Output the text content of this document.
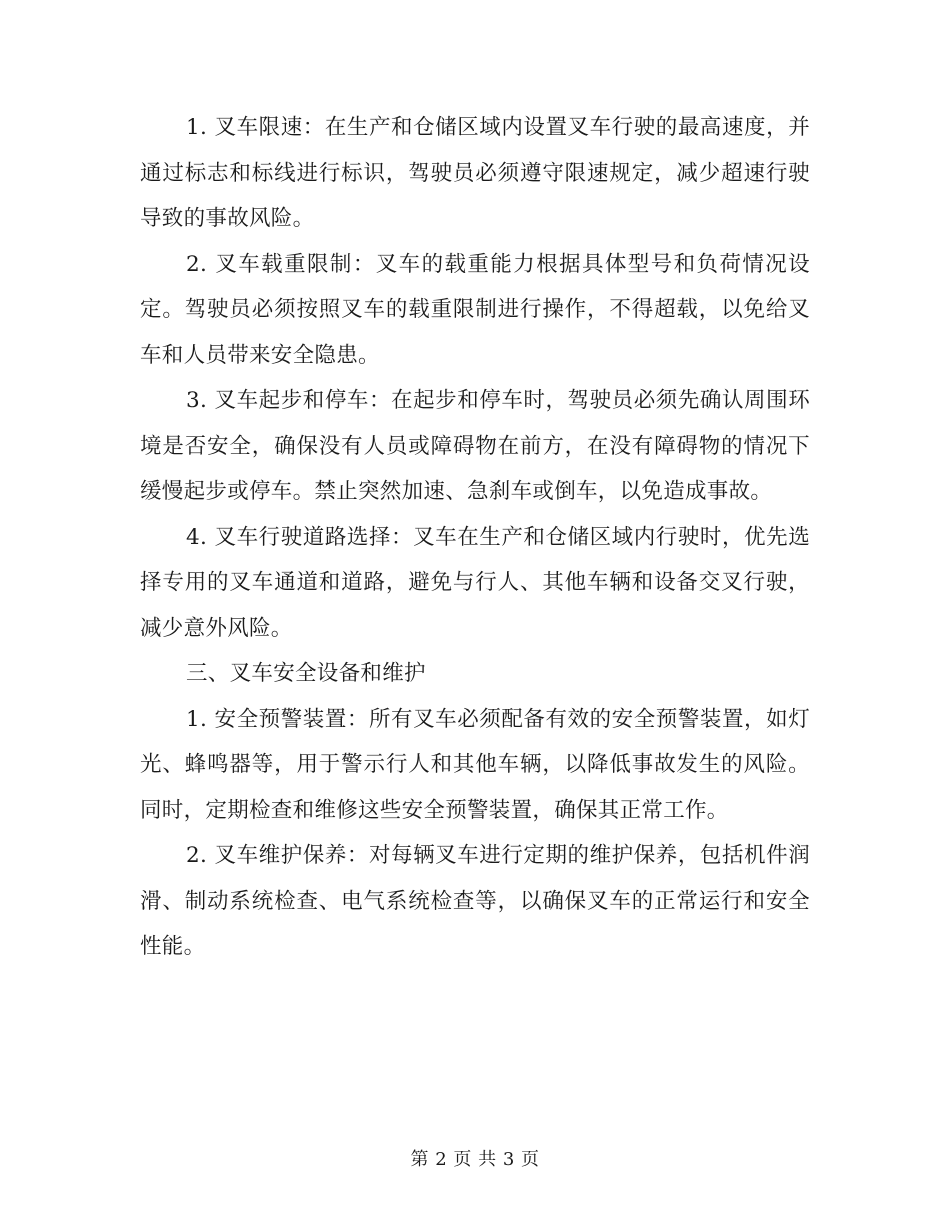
1. 叉车限速：在生产和仓储区域内设置叉车行驶的最高速度，并通过标志和标线进行标识，驾驶员必须遵守限速规定，减少超速行驶导致的事故风险。

2. 叉车载重限制：叉车的载重能力根据具体型号和负荷情况设定。驾驶员必须按照叉车的载重限制进行操作，不得超载，以免给叉车和人员带来安全隐患。

3. 叉车起步和停车：在起步和停车时，驾驶员必须先确认周围环境是否安全，确保没有人员或障碍物在前方，在没有障碍物的情况下缓慢起步或停车。禁止突然加速、急刹车或倒车，以免造成事故。

4. 叉车行驶道路选择：叉车在生产和仓储区域内行驶时，优先选择专用的叉车通道和道路，避免与行人、其他车辆和设备交叉行驶，减少意外风险。

三、叉车安全设备和维护

1. 安全预警装置：所有叉车必须配备有效的安全预警装置，如灯光、蜂鸣器等，用于警示行人和其他车辆，以降低事故发生的风险。同时，定期检查和维修这些安全预警装置，确保其正常工作。

2. 叉车维护保养：对每辆叉车进行定期的维护保养，包括机件润滑、制动系统检查、电气系统检查等，以确保叉车的正常运行和安全性能。

第 2 页 共 3 页
